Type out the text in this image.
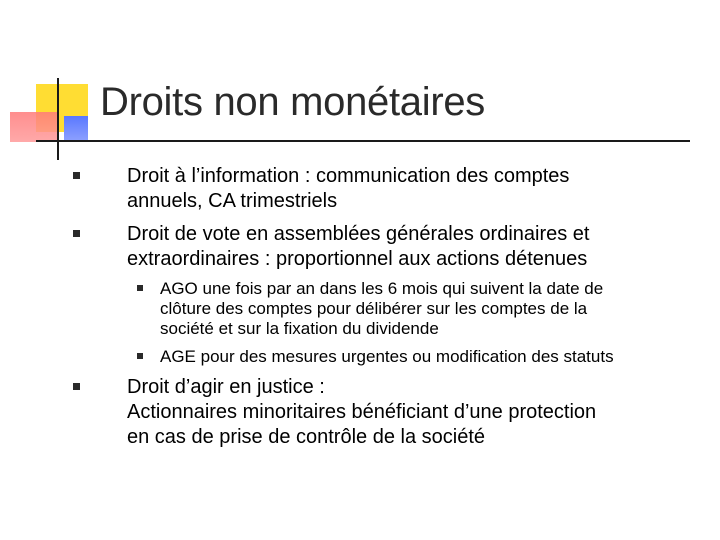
Droits non monétaires
Droit à l’information : communication des comptes
annuels, CA trimestriels
Droit de vote en assemblées générales ordinaires et
extraordinaires : proportionnel aux actions détenues
AGO une fois par an dans les 6 mois qui suivent la date de
clôture des comptes pour délibérer sur les comptes de la
société et sur la fixation du dividende
AGE pour des mesures urgentes ou modification des statuts
Droit d’agir en justice :
Actionnaires minoritaires bénéficiant d’une protection
en cas de prise de contrôle de la société
